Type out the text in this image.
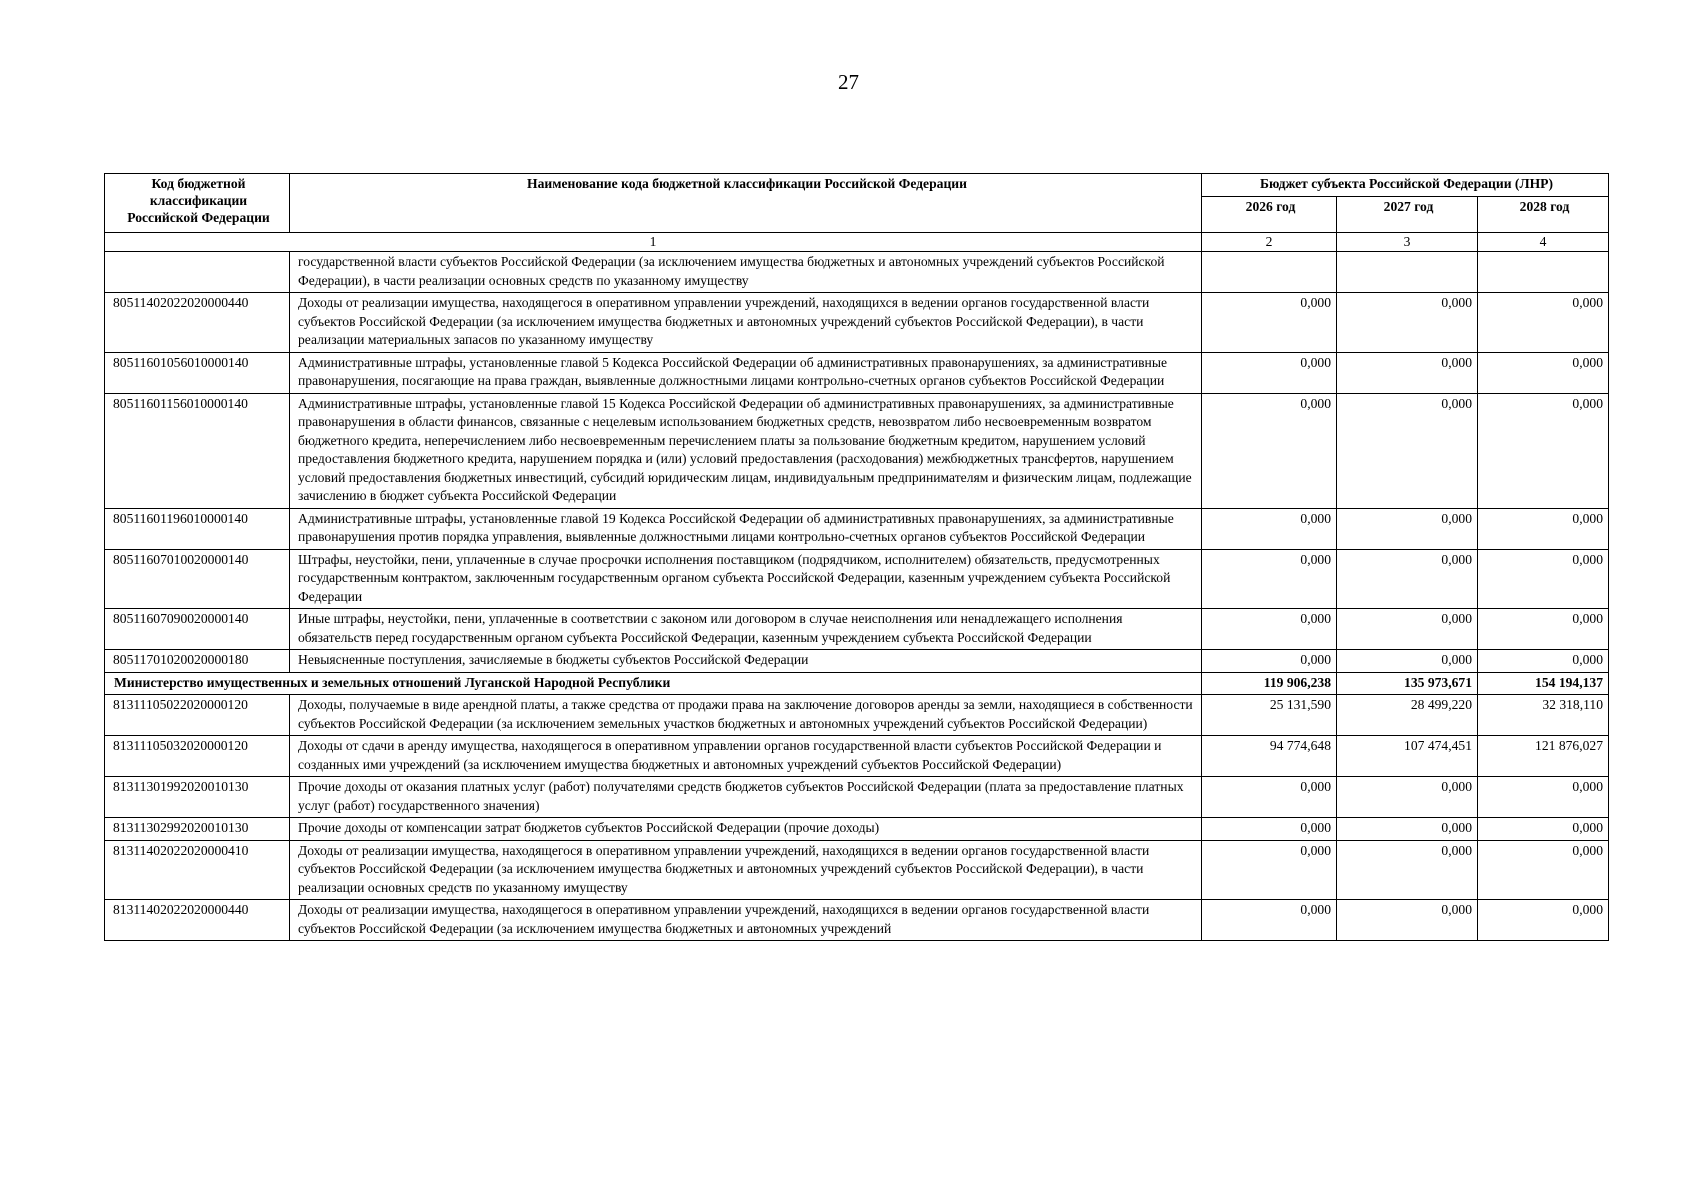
27
Код бюджетной классификации Российской Федерации	Наименование кода бюджетной классификации Российской Федерации	Бюджет субъекта Российской Федерации (ЛНР)		
		2026 год	2027 год	2028 год
1		2	3	4
	государственной власти субъектов Российской Федерации (за исключением имущества бюджетных и автономных учреждений субъектов Российской Федерации), в части реализации основных средств по указанному имуществу			
80511402022020000440	Доходы от реализации имущества, находящегося в оперативном управлении учреждений, находящихся в ведении органов государственной власти субъектов Российской Федерации (за исключением имущества бюджетных и автономных учреждений субъектов Российской Федерации), в части реализации материальных запасов по указанному имуществу	0,000	0,000	0,000
80511601056010000140	Административные штрафы, установленные главой 5 Кодекса Российской Федерации об административных правонарушениях, за административные правонарушения, посягающие на права граждан, выявленные должностными лицами контрольно-счетных органов субъектов Российской Федерации	0,000	0,000	0,000
80511601156010000140	Административные штрафы, установленные главой 15 Кодекса Российской Федерации об административных правонарушениях, за административные правонарушения в области финансов, связанные с нецелевым использованием бюджетных средств, невозвратом либо несвоевременным возвратом бюджетного кредита, неперечислением либо несвоевременным перечислением платы за пользование бюджетным кредитом, нарушением условий предоставления бюджетного кредита, нарушением порядка и (или) условий предоставления (расходования) межбюджетных трансфертов, нарушением условий предоставления бюджетных инвестиций, субсидий юридическим лицам, индивидуальным предпринимателям и физическим лицам, подлежащие зачислению в бюджет субъекта Российской Федерации	0,000	0,000	0,000
80511601196010000140	Административные штрафы, установленные главой 19 Кодекса Российской Федерации об административных правонарушениях, за административные правонарушения против порядка управления, выявленные должностными лицами контрольно-счетных органов субъектов Российской Федерации	0,000	0,000	0,000
80511607010020000140	Штрафы, неустойки, пени, уплаченные в случае просрочки исполнения поставщиком (подрядчиком, исполнителем) обязательств, предусмотренных государственным контрактом, заключенным государственным органом субъекта Российской Федерации, казенным учреждением субъекта Российской Федерации	0,000	0,000	0,000
80511607090020000140	Иные штрафы, неустойки, пени, уплаченные в соответствии с законом или договором в случае неисполнения или ненадлежащего исполнения обязательств перед государственным органом субъекта Российской Федерации, казенным учреждением субъекта Российской Федерации	0,000	0,000	0,000
80511701020020000180	Невыясненные поступления, зачисляемые в бюджеты субъектов Российской Федерации	0,000	0,000	0,000
Министерство имущественных и земельных отношений Луганской Народной Республики		119 906,238	135 973,671	154 194,137
81311105022020000120	Доходы, получаемые в виде арендной платы, а также средства от продажи права на заключение договоров аренды за земли, находящиеся в собственности субъектов Российской Федерации (за исключением земельных участков бюджетных и автономных учреждений субъектов Российской Федерации)	25 131,590	28 499,220	32 318,110
81311105032020000120	Доходы от сдачи в аренду имущества, находящегося в оперативном управлении органов государственной власти субъектов Российской Федерации и созданных ими учреждений (за исключением имущества бюджетных и автономных учреждений субъектов Российской Федерации)	94 774,648	107 474,451	121 876,027
81311301992020010130	Прочие доходы от оказания платных услуг (работ) получателями средств бюджетов субъектов Российской Федерации (плата за предоставление платных услуг (работ) государственного значения)	0,000	0,000	0,000
81311302992020010130	Прочие доходы от компенсации затрат бюджетов субъектов Российской Федерации (прочие доходы)	0,000	0,000	0,000
81311402022020000410	Доходы от реализации имущества, находящегося в оперативном управлении учреждений, находящихся в ведении органов государственной власти субъектов Российской Федерации (за исключением имущества бюджетных и автономных учреждений субъектов Российской Федерации), в части реализации основных средств по указанному имуществу	0,000	0,000	0,000
81311402022020000440	Доходы от реализации имущества, находящегося в оперативном управлении учреждений, находящихся в ведении органов государственной власти субъектов Российской Федерации (за исключением имущества бюджетных и автономных учреждений	0,000	0,000	0,000
